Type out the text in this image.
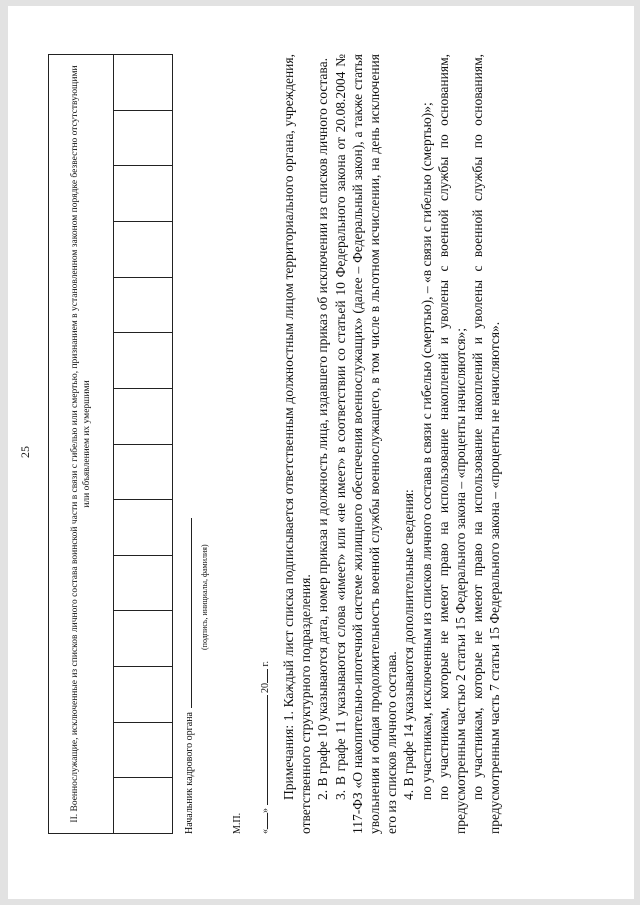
25	II. Военнослужащие, исключенные из списков личного состава воинской части в связи с гибелью или смертью, признанием в установленном законом порядке безвестно отсутствующими или объявлением их умершими

Начальник кадрового органа
(подпись, инициалы, фамилия)
М.П. «»  20 г. Примечания: 1. Каждый лист списка подписывается ответственным должностным лицом территориального органа, учреждения, ответственного структурного подразделения. 2. В графе 10 указываются дата, номер приказа и должность лица, издавшего приказ об исключении из списков личного состава. 3. В графе 11 указываются слова «имеет» или «не имеет» в соответствии со статьей 10 Федерального закона от 20.08.2004 № 117-ФЗ «О накопительно-ипотечной системе жилищного обеспечения военнослужащих» (далее – Федеральный закон), а также статья увольнения и общая продолжительность военной службы военнослужащего, в том числе в льготном исчислении, на день исключения его из списков личного состава. 4. В графе 14 указываются дополнительные сведения: по участникам, исключенным из списков личного состава в связи с гибелью (смертью), – «в связи с гибелью (смертью)»; по участникам, которые не имеют право на использование накоплений и уволены с военной службы по основаниям, предусмотренным частью 2 статьи 15 Федерального закона – «проценты начисляются»; по участникам, которые не имеют право на использование накоплений и уволены с военной службы по основаниям, предусмотренным часть 7 статьи 15 Федерального закона – «проценты не начисляются».
